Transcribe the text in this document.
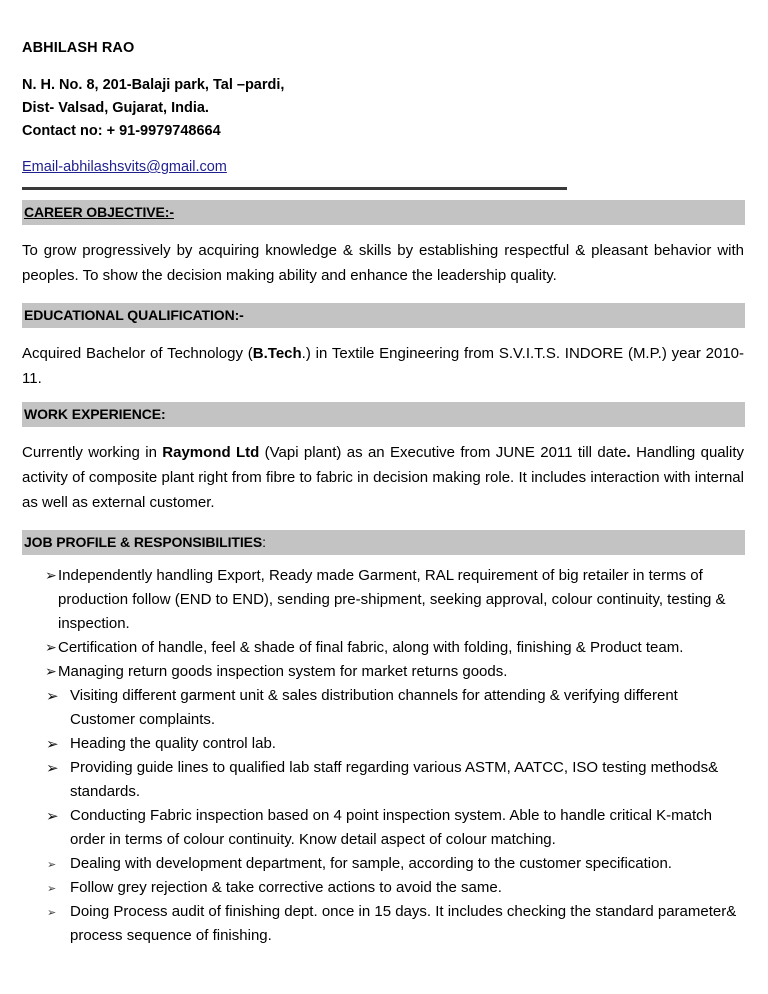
ABHILASH RAO
N. H. No. 8, 201-Balaji park, Tal –pardi,
Dist- Valsad, Gujarat, India.
Contact no: + 91-9979748664
Email-abhilashsvits@gmail.com
CAREER OBJECTIVE:-
To grow progressively by acquiring knowledge & skills by establishing respectful & pleasant behavior with peoples. To show the decision making ability and enhance the leadership quality.
EDUCATIONAL QUALIFICATION:-
Acquired Bachelor of Technology (B.Tech.) in Textile Engineering from S.V.I.T.S. INDORE (M.P.) year 2010-11.
WORK EXPERIENCE:
Currently working in Raymond Ltd (Vapi plant) as an Executive from JUNE 2011 till date. Handling quality activity of composite plant right from fibre to fabric in decision making role. It includes interaction with internal as well as external customer.
JOB PROFILE & RESPONSIBILITIES:
➢ Independently handling Export, Ready made Garment, RAL requirement of big retailer in terms of production follow (END to END), sending pre-shipment, seeking approval, colour continuity, testing & inspection.
➢ Certification of handle, feel & shade of final fabric, along with folding, finishing & Product team.
➢ Managing return goods inspection system for market returns goods.
➢ Visiting different garment unit & sales distribution channels for attending & verifying different Customer complaints.
➢ Heading the quality control lab.
➢ Providing guide lines to qualified lab staff regarding various ASTM, AATCC, ISO testing methods& standards.
➢ Conducting Fabric inspection based on 4 point inspection system. Able to handle critical K-match order in terms of colour continuity. Know detail aspect of colour matching.
➢ Dealing with development department, for sample, according to the customer specification.
➢ Follow grey rejection & take corrective actions to avoid the same.
➢ Doing Process audit of finishing dept. once in 15 days. It includes checking the standard parameter& process sequence of finishing.
